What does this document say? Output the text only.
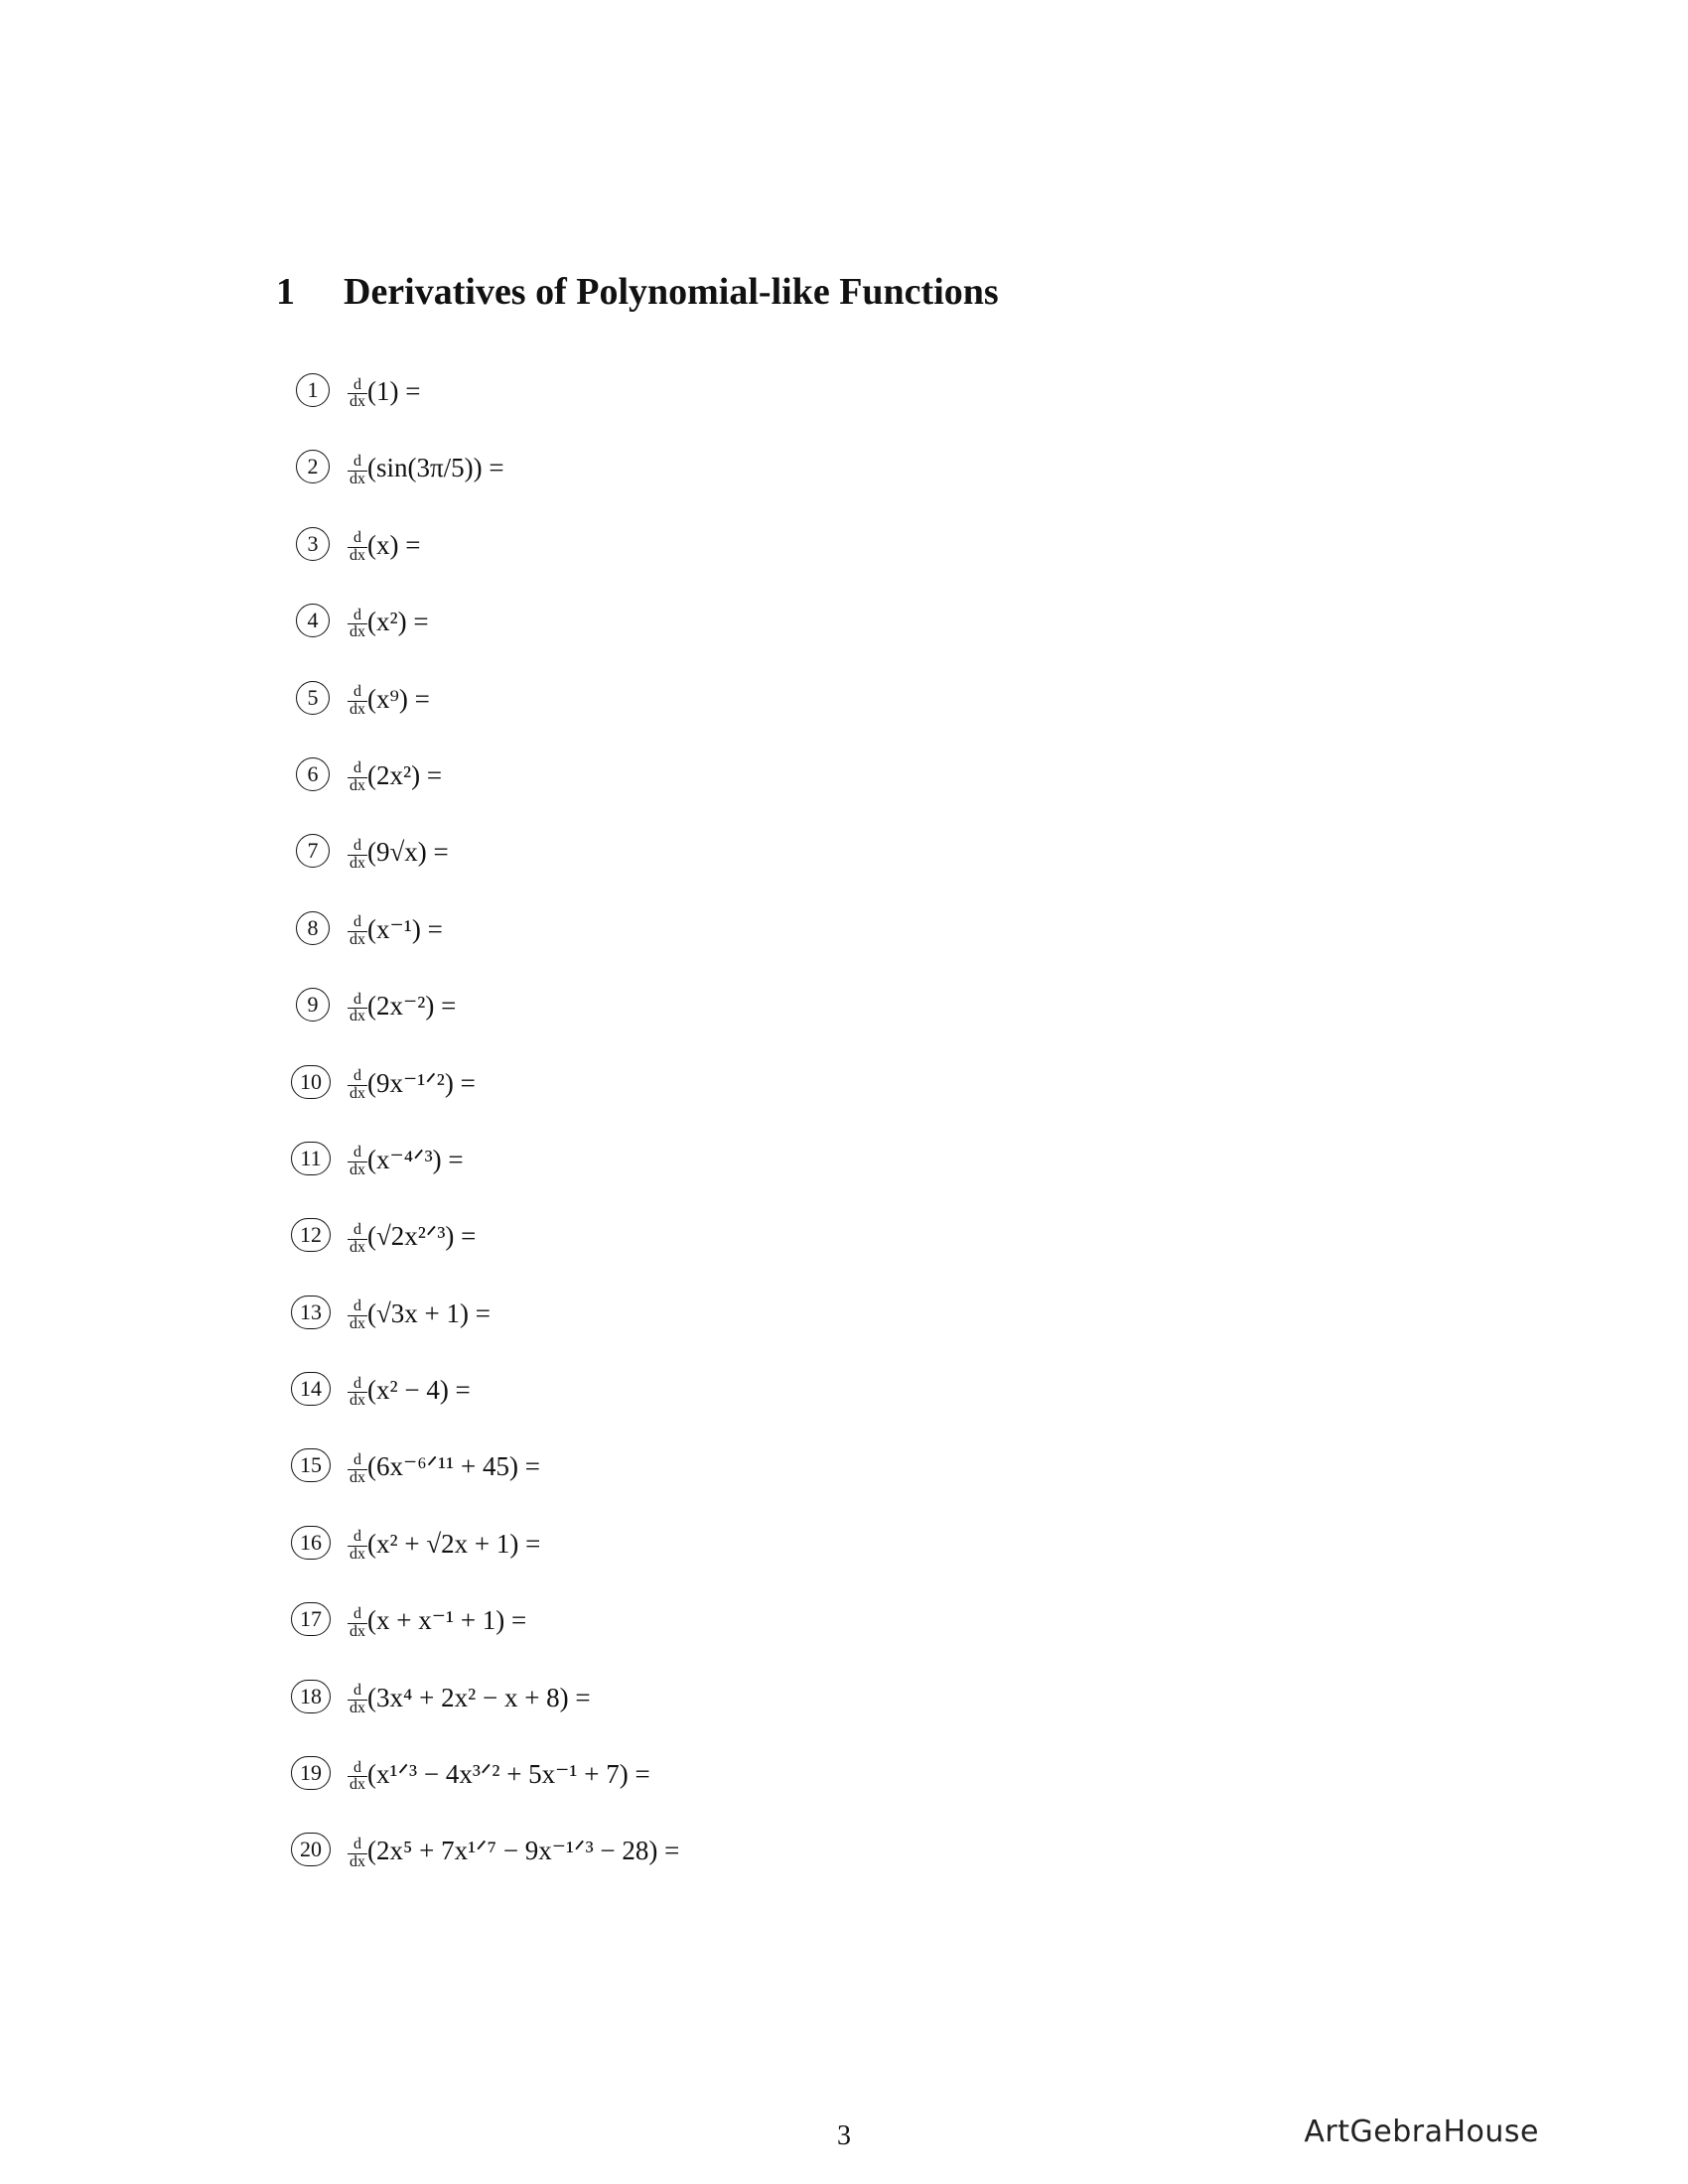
1 Derivatives of Polynomial-like Functions
1	$\frac{d}{dx} (1)$ =
2	$\frac{d}{dx} (\sin(3\pi/5))$ =
3	$\frac{d}{dx} (x)$ =
4	$\frac{d}{dx} (x^2)$ =
5	$\frac{d}{dx} (x^9)$ =
6	$\frac{d}{dx} (2x^2)$ =
7	$\frac{d}{dx} (9√x)$ =
8	$\frac{d}{dx} (x^{-1})$ =
9	$\frac{d}{dx} (2x^{-2})$ =
10	$\frac{d}{dx}$ (9x⁻¹ᐟ²) =
11	$\frac{d}{dx}$ (x⁻⁴ᐟ³) =
12	$\frac{d}{dx}$ (√2x²ᐟ³) =
13	$\frac{d}{dx} (√3x + 1)$ =
14	$\frac{d}{dx} (x^2 - 4)$ =
15	$\frac{d}{dx}$ (6x⁻⁶ᐟ¹¹ + 45) =
16	$\frac{d}{dx} (x^2 + √2x + 1)$ =
17	$\frac{d}{dx} (x + x^{-1} + 1)$ =
18	$\frac{d}{dx} (3x^4 + 2x^2 - x + 8)$ =
19	$\frac{d}{dx}$ (x¹ᐟ³ − 4x³ᐟ² + 5x⁻¹ + 7) =
20	$\frac{d}{dx} (2x^5$ + 7x¹ᐟ⁷ − 9x⁻¹ᐟ³ − 28) =
3	ArtGebraHouse
